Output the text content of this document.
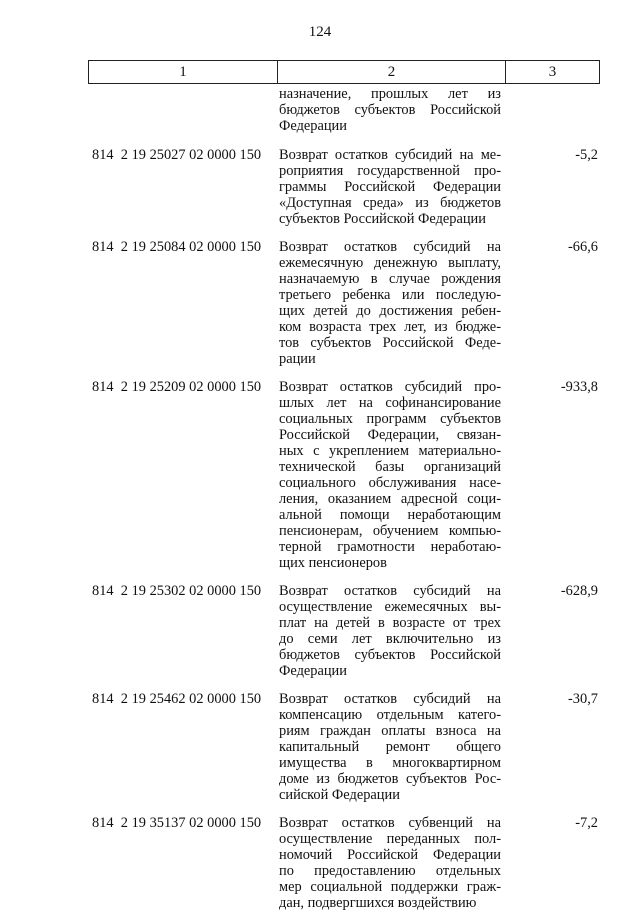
124
1	2	3
назначение, прошлых лет из
бюджетов субъектов Российской
Федерации
814  2 19 25027 02 0000 150	Возврат остатков субсидий на ме-
роприятия государственной про-
граммы Российской Федерации
«Доступная среда» из бюджетов
субъектов Российской Федерации
-5,2
814  2 19 25084 02 0000 150	Возврат остатков субсидий на
ежемесячную денежную выплату,
назначаемую в случае рождения
третьего ребенка или последую-
щих детей до достижения ребен-
ком возраста трех лет, из бюдже-
тов субъектов Российской Феде-
рации
-66,6
814  2 19 25209 02 0000 150	Возврат остатков субсидий про-
шлых лет на софинансирование
социальных программ субъектов
Российской Федерации, связан-
ных с укреплением материально-
технической базы организаций
социального обслуживания насе-
ления, оказанием адресной соци-
альной помощи неработающим
пенсионерам, обучением компью-
терной грамотности неработаю-
щих пенсионеров
-933,8
814  2 19 25302 02 0000 150	Возврат остатков субсидий на
осуществление ежемесячных вы-
плат на детей в возрасте от трех
до семи лет включительно из
бюджетов субъектов Российской
Федерации
-628,9
814  2 19 25462 02 0000 150	Возврат остатков субсидий на
компенсацию отдельным катего-
риям граждан оплаты взноса на
капитальный ремонт общего
имущества в многоквартирном
доме из бюджетов субъектов Рос-
сийской Федерации
-30,7
814  2 19 35137 02 0000 150	Возврат остатков субвенций на
осуществление переданных пол-
номочий Российской Федерации
по предоставлению отдельных
мер социальной поддержки граж-
дан, подвергшихся воздействию
-7,2
